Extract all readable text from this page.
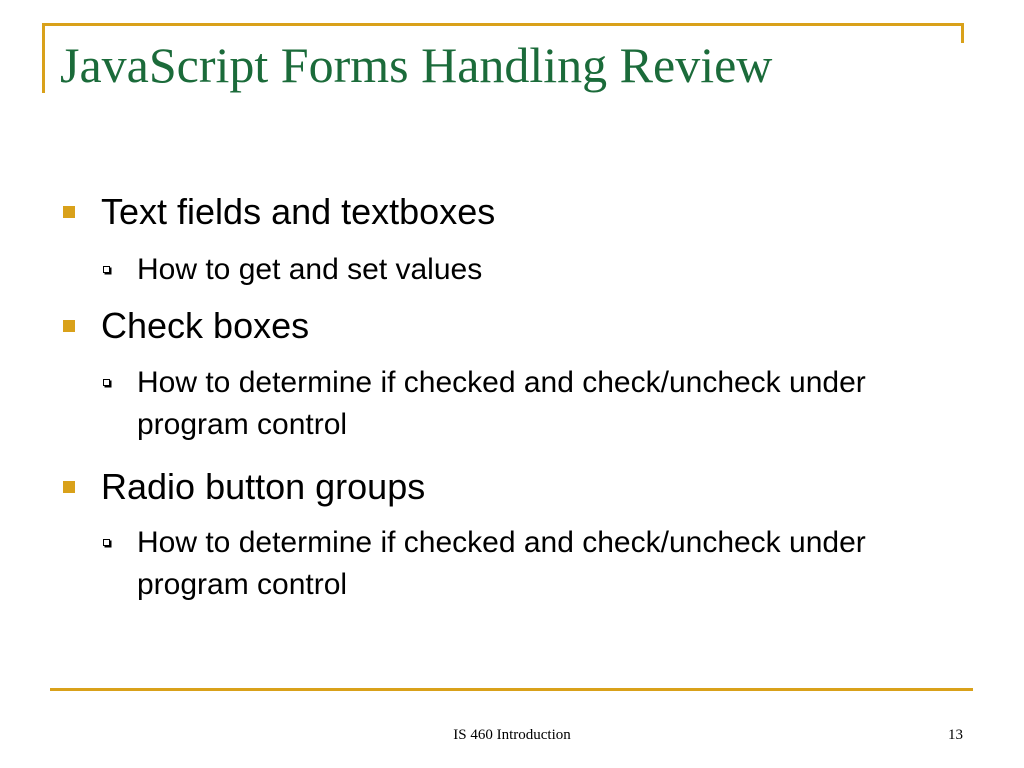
JavaScript Forms Handling Review
Text fields and textboxes
How to get and set values
Check boxes
How to determine if checked and check/uncheck under program control
Radio button groups
How to determine if checked and check/uncheck under program control
IS 460 Introduction	13
